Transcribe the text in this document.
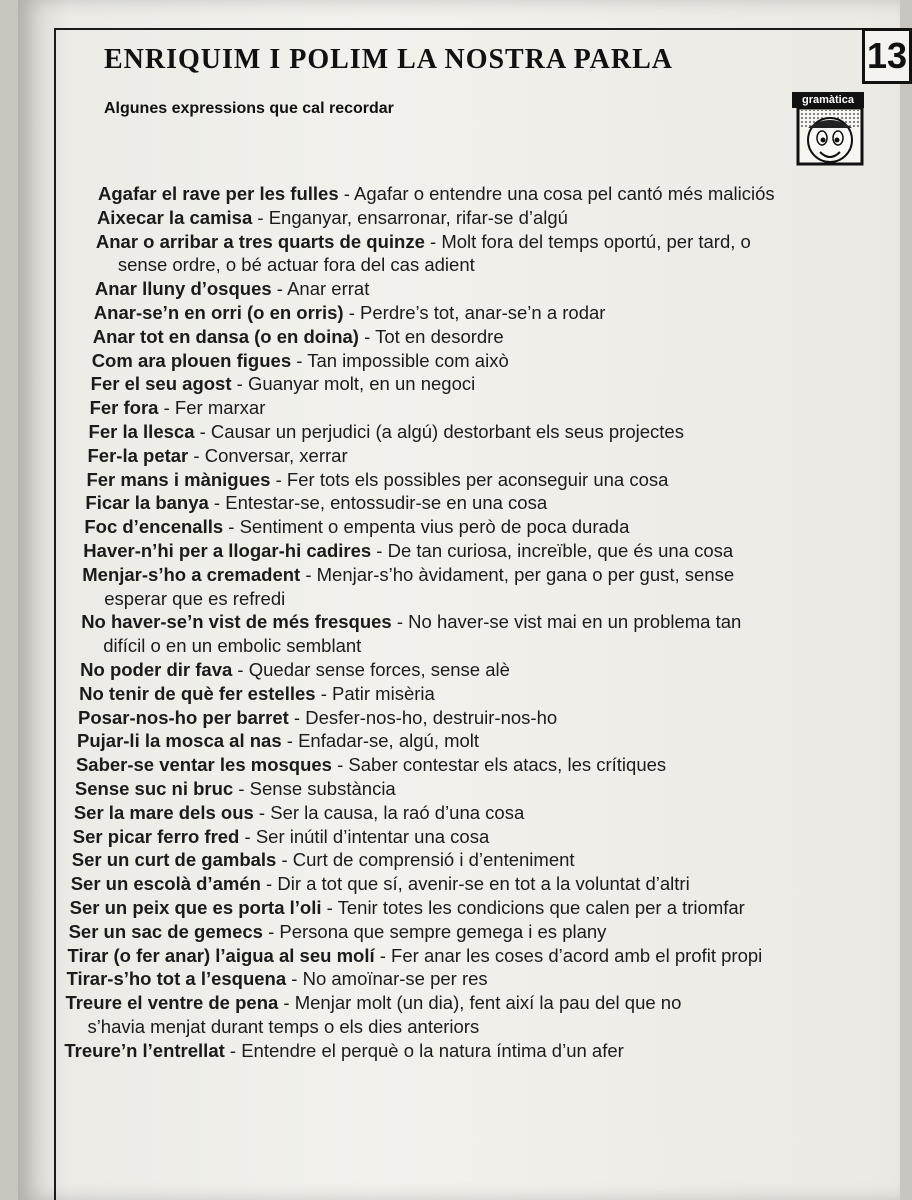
13
ENRIQUIM I POLIM LA NOSTRA PARLA
Algunes expressions que cal recordar	gramàtica
Agafar el rave per les fulles - Agafar o entendre una cosa pel cantó més maliciós
Aixecar la camisa - Enganyar, ensarronar, rifar-se d’algú
Anar o arribar a tres quarts de quinze - Molt fora del temps oportú, per tard, o
sense ordre, o bé actuar fora del cas adient
Anar lluny d’osques - Anar errat
Anar-se’n en orri (o en orris) - Perdre’s tot, anar-se’n a rodar
Anar tot en dansa (o en doina) - Tot en desordre
Com ara plouen figues - Tan impossible com això
Fer el seu agost - Guanyar molt, en un negoci
Fer fora - Fer marxar
Fer la llesca - Causar un perjudici (a algú) destorbant els seus projectes
Fer-la petar - Conversar, xerrar
Fer mans i mànigues - Fer tots els possibles per aconseguir una cosa
Ficar la banya - Entestar-se, entossudir-se en una cosa
Foc d’encenalls - Sentiment o empenta vius però de poca durada
Haver-n’hi per a llogar-hi cadires - De tan curiosa, increïble, que és una cosa
Menjar-s’ho a cremadent - Menjar-s’ho àvidament, per gana o per gust, sense
esperar que es refredi
No haver-se’n vist de més fresques - No haver-se vist mai en un problema tan
difícil o en un embolic semblant
No poder dir fava - Quedar sense forces, sense alè
No tenir de què fer estelles - Patir misèria
Posar-nos-ho per barret - Desfer-nos-ho, destruir-nos-ho
Pujar-li la mosca al nas - Enfadar-se, algú, molt
Saber-se ventar les mosques - Saber contestar els atacs, les crítiques
Sense suc ni bruc - Sense substància
Ser la mare dels ous - Ser la causa, la raó d’una cosa
Ser picar ferro fred - Ser inútil d’intentar una cosa
Ser un curt de gambals - Curt de comprensió i d’enteniment
Ser un escolà d’amén - Dir a tot que sí, avenir-se en tot a la voluntat d’altri
Ser un peix que es porta l’oli - Tenir totes les condicions que calen per a triomfar
Ser un sac de gemecs - Persona que sempre gemega i es plany
Tirar (o fer anar) l’aigua al seu molí - Fer anar les coses d’acord amb el profit propi
Tirar-s’ho tot a l’esquena - No amoïnar-se per res
Treure el ventre de pena - Menjar molt (un dia), fent així la pau del que no
s’havia menjat durant temps o els dies anteriors
Treure’n l’entrellat - Entendre el perquè o la natura íntima d’un afer
